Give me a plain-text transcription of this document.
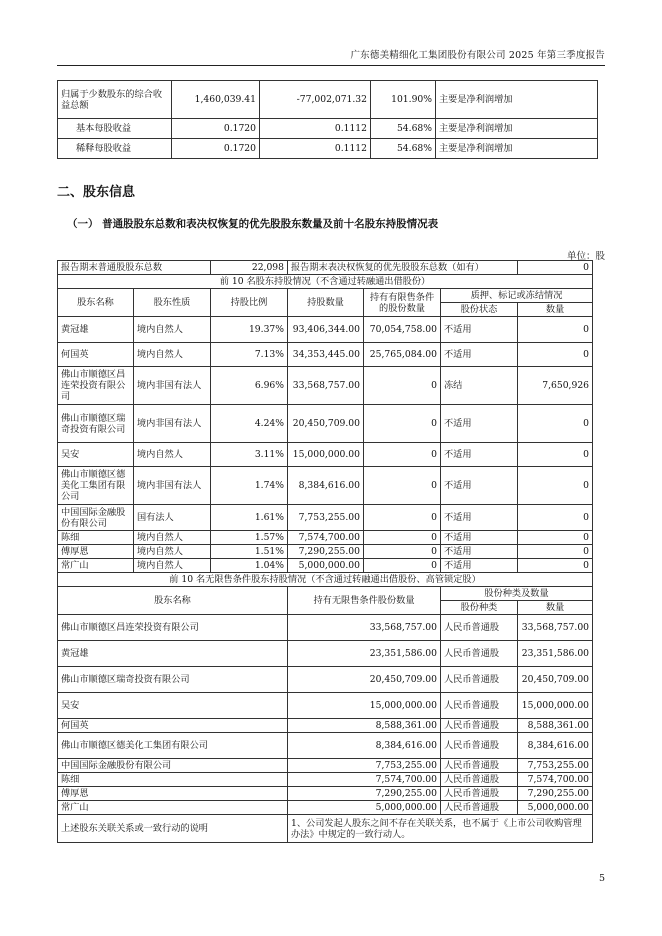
广东德美精细化工集团股份有限公司 2025 年第三季度报告
归属于少数股东的综合收益总额	1,460,039.41	-77,002,071.32	101.90%	主要是净利润增加
基本每股收益	0.1720	0.1112	54.68%	主要是净利润增加
稀释每股收益	0.1720	0.1112	54.68%	主要是净利润增加
二、股东信息
（一） 普通股股东总数和表决权恢复的优先股股东数量及前十名股东持股情况表
单位：股
报告期末普通股股东总数		22,098	报告期末表决权恢复的优先股股东总数（如有）			0
前 10 名股东持股情况（不含通过转融通出借股份）						
股东名称	股东性质	持股比例	持股数量	持有有限售条件的股份数量	质押、标记或冻结情况	
					股份状态	数量
黄冠雄	境内自然人	19.37%	93,406,344.00	70,054,758.00	不适用	0
何国英	境内自然人	7.13%	34,353,445.00	25,765,084.00	不适用	0
佛山市顺德区昌连荣投资有限公司	境内非国有法人	6.96%	33,568,757.00	0	冻结	7,650,926
佛山市顺德区瑞奇投资有限公司	境内非国有法人	4.24%	20,450,709.00	0	不适用	0
吴安	境内自然人	3.11%	15,000,000.00	0	不适用	0
佛山市顺德区德美化工集团有限公司	境内非国有法人	1.74%	8,384,616.00	0	不适用	0
中国国际金融股份有限公司	国有法人	1.61%	7,753,255.00	0	不适用	0
陈细	境内自然人	1.57%	7,574,700.00	0	不适用	0
傅厚恩	境内自然人	1.51%	7,290,255.00	0	不适用	0
常广山	境内自然人	1.04%	5,000,000.00	0	不适用	0
前 10 名无限售条件股东持股情况（不含通过转融通出借股份、高管锁定股）						
股东名称			持有无限售条件股份数量		股份种类及数量	
					股份种类	数量
佛山市顺德区昌连荣投资有限公司			33,568,757.00		人民币普通股	33,568,757.00
黄冠雄			23,351,586.00		人民币普通股	23,351,586.00
佛山市顺德区瑞奇投资有限公司			20,450,709.00		人民币普通股	20,450,709.00
吴安			15,000,000.00		人民币普通股	15,000,000.00
何国英			8,588,361.00		人民币普通股	8,588,361.00
佛山市顺德区德美化工集团有限公司			8,384,616.00		人民币普通股	8,384,616.00
中国国际金融股份有限公司			7,753,255.00		人民币普通股	7,753,255.00
陈细			7,574,700.00		人民币普通股	7,574,700.00
傅厚恩			7,290,255.00		人民币普通股	7,290,255.00
常广山			5,000,000.00		人民币普通股	5,000,000.00
上述股东关联关系或一致行动的说明			1、公司发起人股东之间不存在关联关系，也不属于《上市公司收购管理办法》中规定的一致行动人。			
5
